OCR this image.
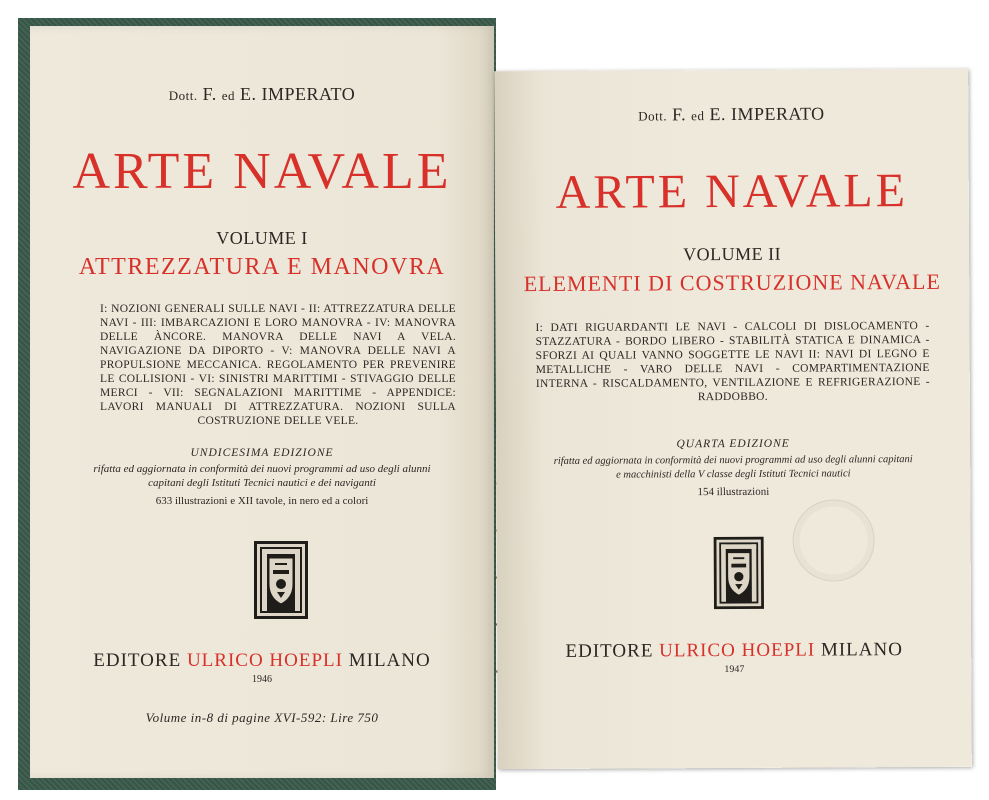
Dott. F. ed E. IMPERATO
ARTE NAVALE
VOLUME I
ATTREZZATURA E MANOVRA
I: NOZIONI GENERALI SULLE NAVI - II: ATTREZZATURA DELLE NAVI - III: IMBARCAZIONI E LORO MANOVRA - IV: MANOVRA DELLE ÀNCORE. MANOVRA DELLE NAVI A VELA. NAVIGAZIONE DA DIPORTO - V: MANOVRA DELLE NAVI A PROPULSIONE MECCANICA. REGOLAMENTO PER PREVENIRE LE COLLISIONI - VI: SINISTRI MARITTIMI - STIVAGGIO DELLE MERCI - VII: SEGNALAZIONI MARITTIME - APPENDICE: LAVORI MANUALI DI ATTREZZATURA. NOZIONI SULLA COSTRUZIONE DELLE VELE.
UNDICESIMA EDIZIONE
rifatta ed aggiornata in conformità dei nuovi programmi ad uso degli alunni
capitani degli Istituti Tecnici nautici e dei naviganti
633 illustrazioni e XII tavole, in nero ed a colori
EDITORE ULRICO HOEPLI MILANO
1946
Volume in-8 di pagine XVI-592: Lire 750
Dott. F. ed E. IMPERATO
ARTE NAVALE
VOLUME II
ELEMENTI DI COSTRUZIONE NAVALE
I: DATI RIGUARDANTI LE NAVI - CALCOLI DI DISLOCAMENTO - STAZZATURA - BORDO LIBERO - STABILITÀ STATICA E DINAMICA - SFORZI AI QUALI VANNO SOGGETTE LE NAVI II: NAVI DI LEGNO E METALLICHE - VARO DELLE NAVI - COMPARTIMENTAZIONE INTERNA - RISCALDAMENTO, VENTILAZIONE E REFRIGERAZIONE - RADDOBBO.
QUARTA EDIZIONE
rifatta ed aggiornata in conformità dei nuovi programmi ad uso degli alunni capitani
e macchinisti della V classe degli Istituti Tecnici nautici
154 illustrazioni
EDITORE ULRICO HOEPLI MILANO
1947
